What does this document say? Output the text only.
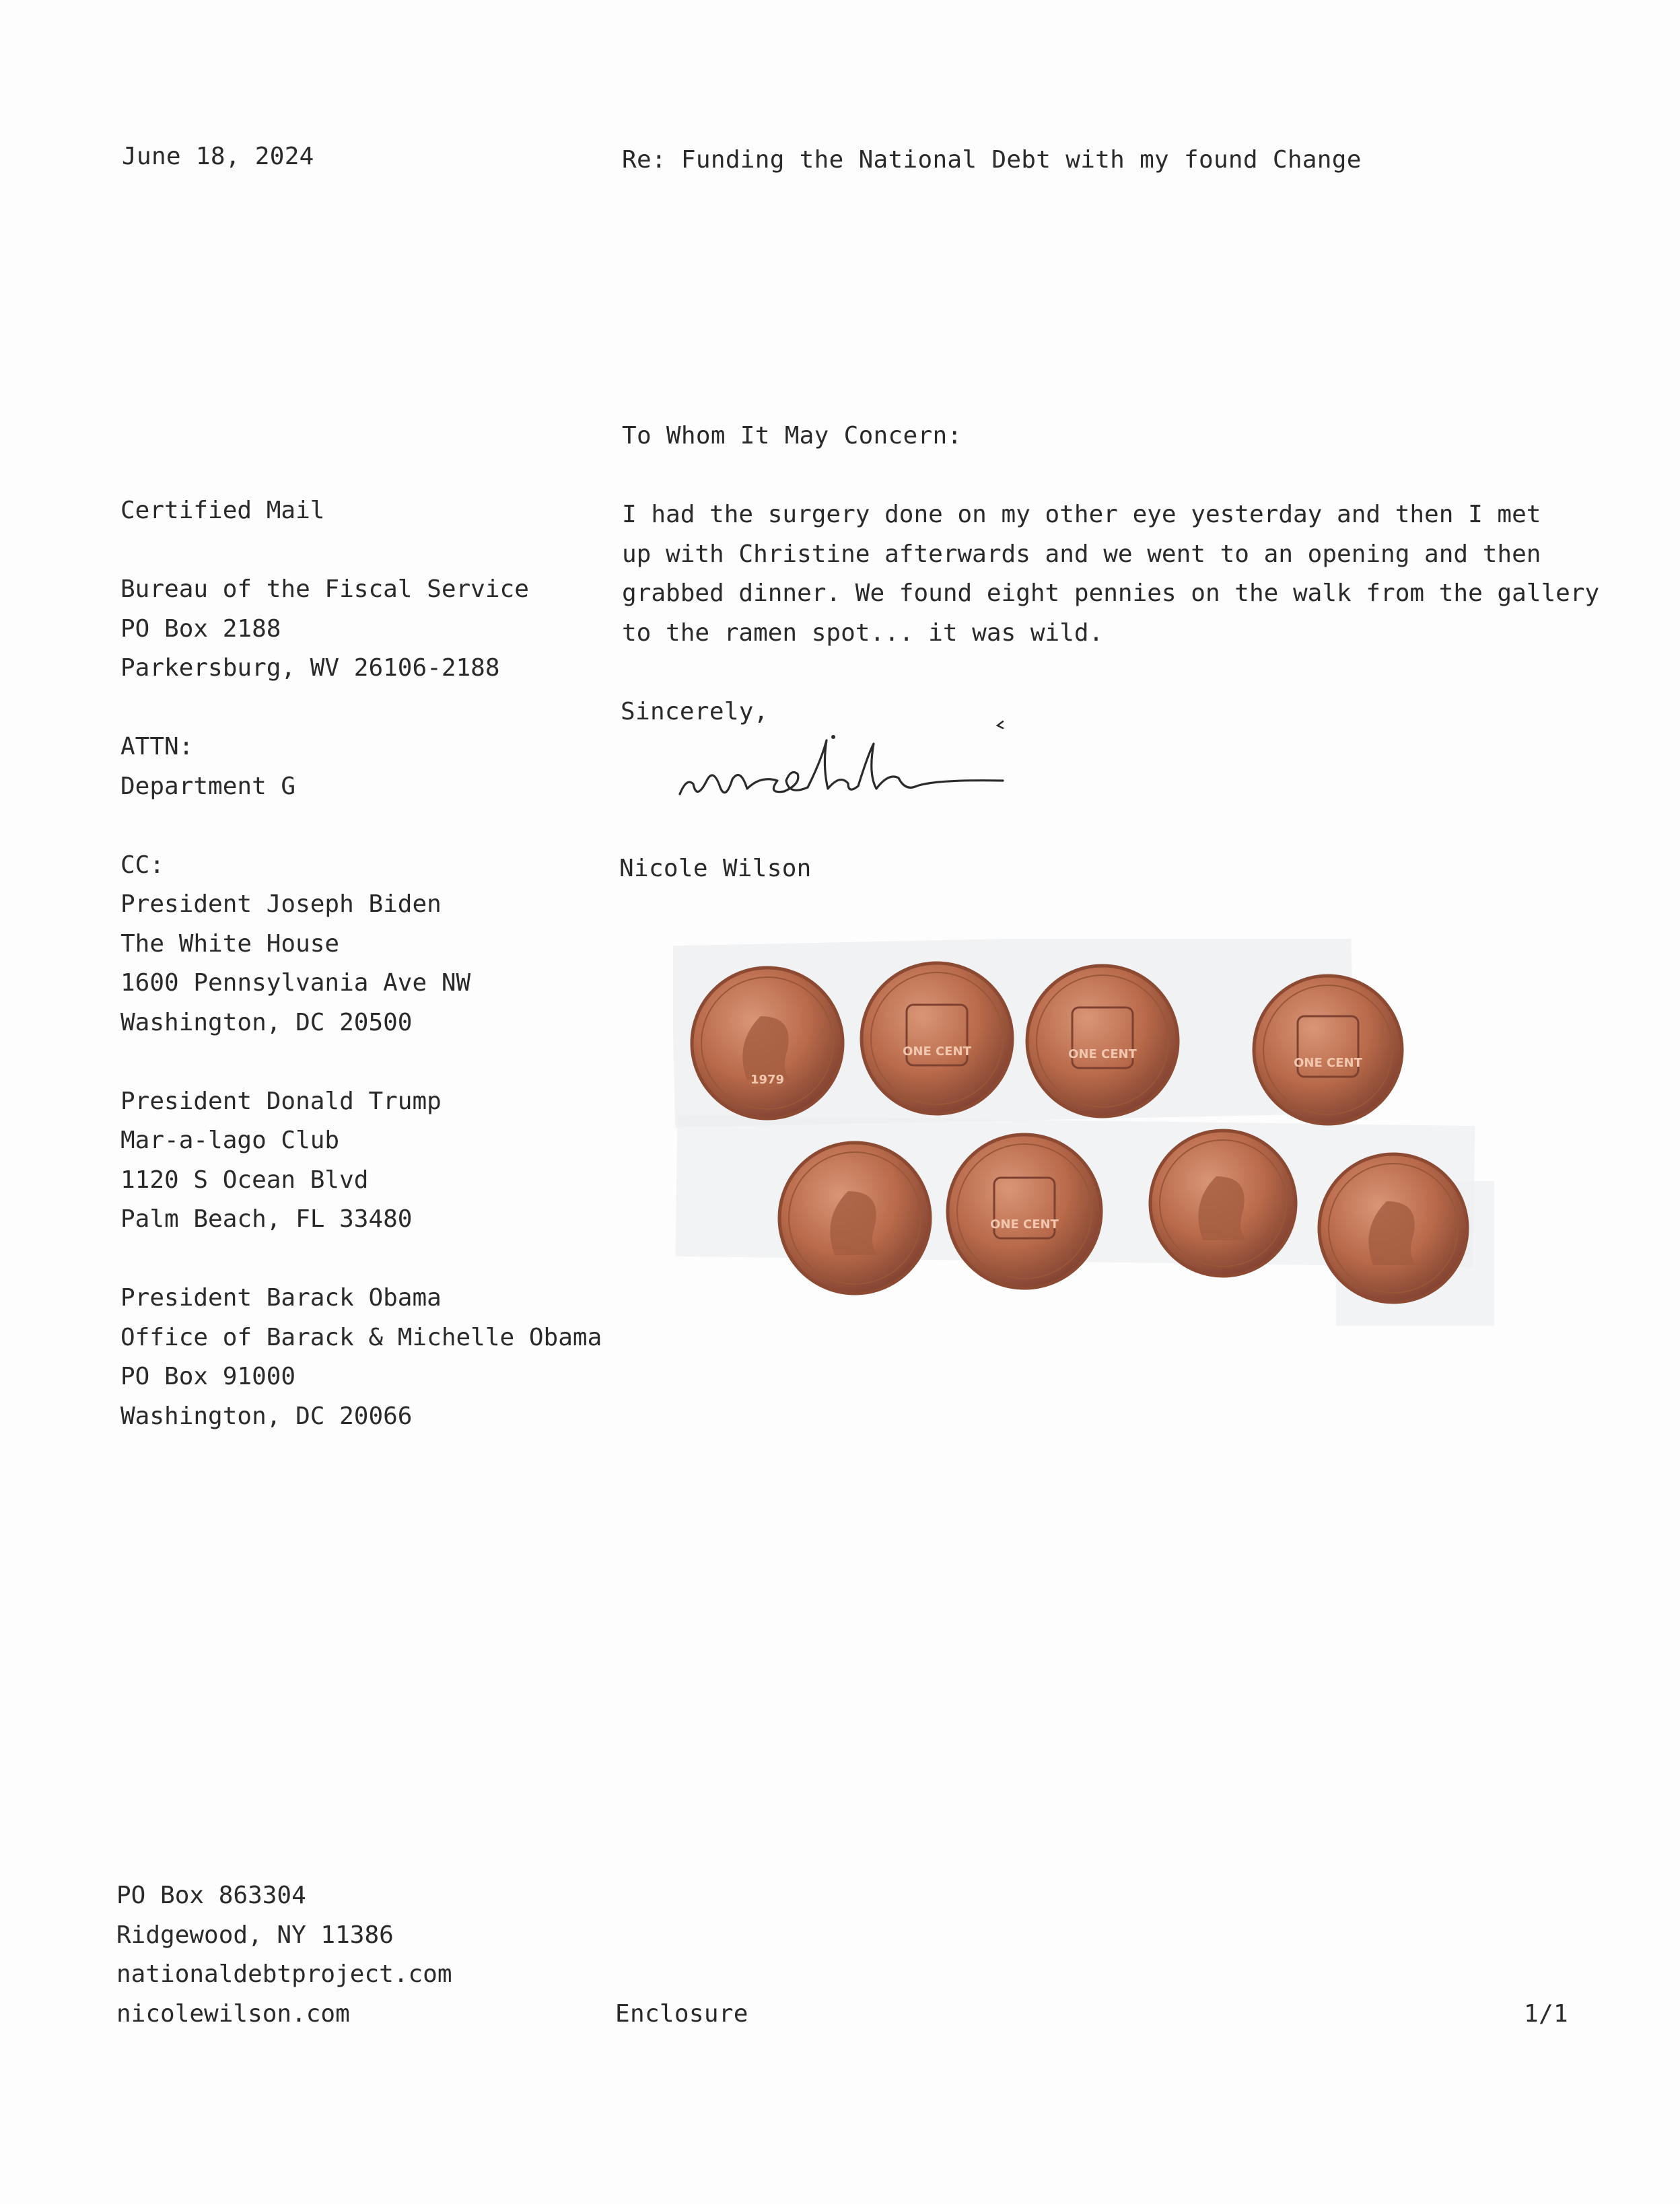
June 18, 2024	Re: Funding the National Debt with my found Change
To Whom It May Concern:
I had the surgery done on my other eye yesterday and then I met
up with Christine afterwards and we went to an opening and then
grabbed dinner. We found eight pennies on the walk from the gallery
to the ramen spot... it was wild.
Sincerely,
Nicole Wilson
Certified Mail
Bureau of the Fiscal Service
PO Box 2188
Parkersburg, WV 26106-2188
ATTN:
Department G
CC:
President Joseph Biden
The White House
1600 Pennsylvania Ave NW
Washington, DC 20500
President Donald Trump
Mar-a-lago Club
1120 S Ocean Blvd
Palm Beach, FL 33480
President Barack Obama
Office of Barack & Michelle Obama
PO Box 91000
Washington, DC 20066
1979
ONE CENT	ONE CENT
ONE CENT
ONE CENT
PO Box 863304
Ridgewood, NY 11386
nationaldebtproject.com
nicolewilson.com	Enclosure	1/1
